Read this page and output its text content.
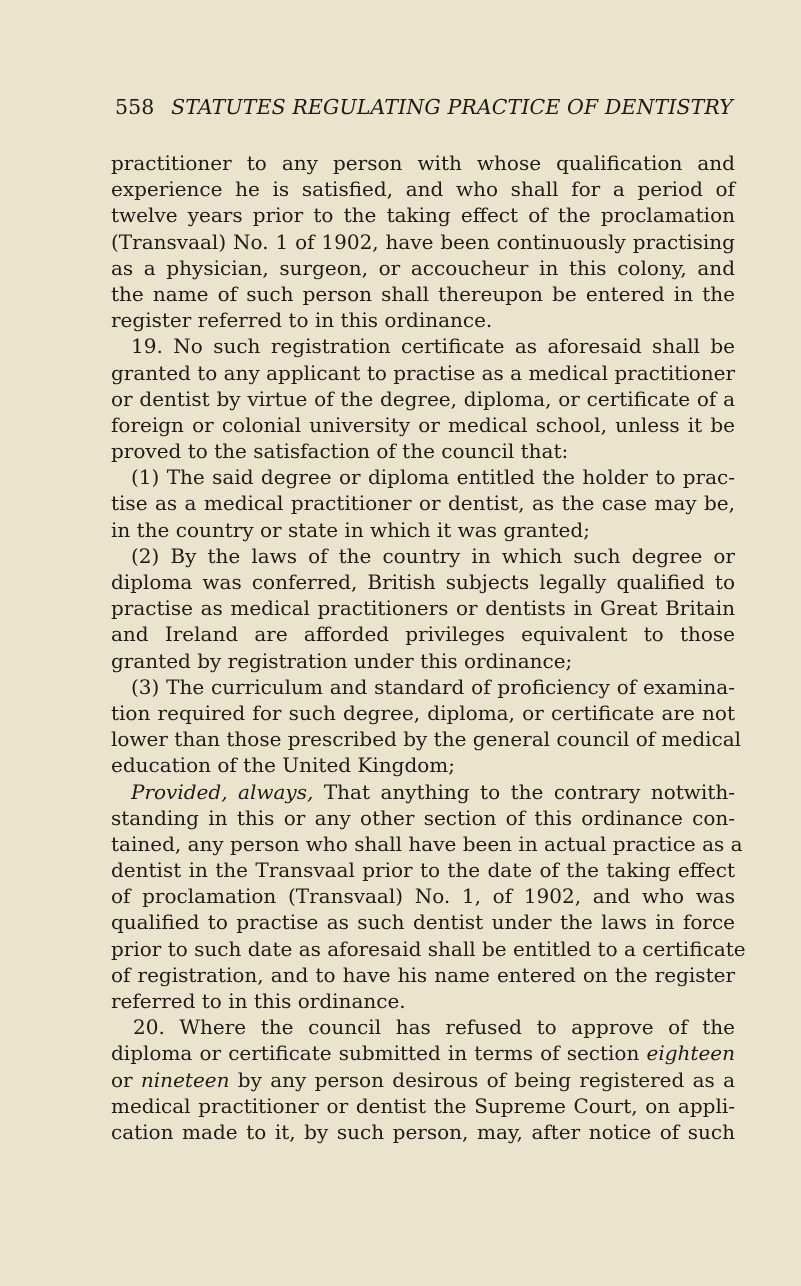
558 STATUTES REGULATING PRACTICE OF DENTISTRY
practitioner to any person with whose qualification and
experience he is satisfied, and who shall for a period of
twelve years prior to the taking effect of the proclamation
(Transvaal) No. 1 of 1902, have been continuously practising
as a physician, surgeon, or accoucheur in this colony, and
the name of such person shall thereupon be entered in the
register referred to in this ordinance.
19. No such registration certificate as aforesaid shall be
granted to any applicant to practise as a medical practitioner
or dentist by virtue of the degree, diploma, or certificate of a
foreign or colonial university or medical school, unless it be
proved to the satisfaction of the council that:
(1) The said degree or diploma entitled the holder to prac-
tise as a medical practitioner or dentist, as the case may be,
in the country or state in which it was granted;
(2) By the laws of the country in which such degree or
diploma was conferred, British subjects legally qualified to
practise as medical practitioners or dentists in Great Britain
and Ireland are afforded privileges equivalent to those
granted by registration under this ordinance;
(3) The curriculum and standard of proficiency of examina-
tion required for such degree, diploma, or certificate are not
lower than those prescribed by the general council of medical
education of the United Kingdom;
Provided, always, That anything to the contrary notwith-
standing in this or any other section of this ordinance con-
tained, any person who shall have been in actual practice as a
dentist in the Transvaal prior to the date of the taking effect
of proclamation (Transvaal) No. 1, of 1902, and who was
qualified to practise as such dentist under the laws in force
prior to such date as aforesaid shall be entitled to a certificate
of registration, and to have his name entered on the register
referred to in this ordinance.
20. Where the council has refused to approve of the
diploma or certificate submitted in terms of section eighteen
or nineteen by any person desirous of being registered as a
medical practitioner or dentist the Supreme Court, on appli-
cation made to it, by such person, may, after notice of such
